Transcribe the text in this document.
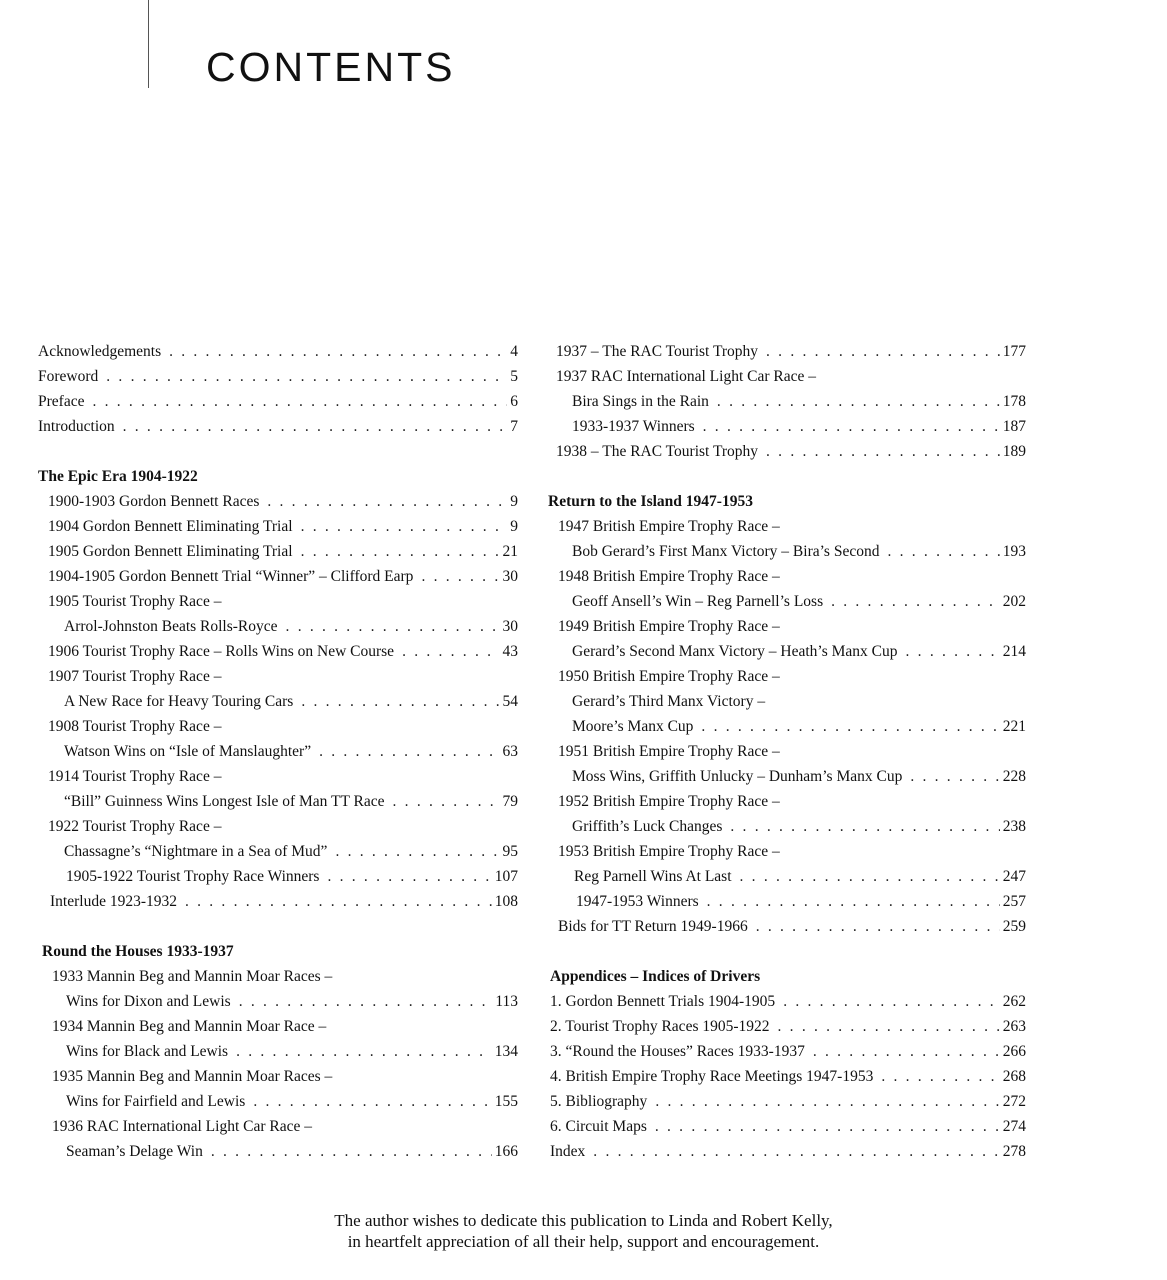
CONTENTS
Acknowledgements . . .	4
Foreword . . .	5
Preface . . .	6
Introduction . . .	7
The Epic Era 1904-1922
1900-1903 Gordon Bennett Races . . .	9
1904 Gordon Bennett Eliminating Trial . . .	9
1905 Gordon Bennett Eliminating Trial . . .	21
1904-1905 Gordon Bennett Trial “Winner” – Clifford Earp . . .	30
1905 Tourist Trophy Race –
Arrol-Johnston Beats Rolls-Royce . . .	30
1906 Tourist Trophy Race – Rolls Wins on New Course . . .	43
1907 Tourist Trophy Race –
A New Race for Heavy Touring Cars . . .	54
1908 Tourist Trophy Race –
Watson Wins on “Isle of Manslaughter” . . .	63
1914 Tourist Trophy Race –
“Bill” Guinness Wins Longest Isle of Man TT Race . . .	79
1922 Tourist Trophy Race –
Chassagne’s “Nightmare in a Sea of Mud” . . .	95
1905-1922 Tourist Trophy Race Winners . . .	107
Interlude 1923-1932 . . .	108
Round the Houses 1933-1937
1933 Mannin Beg and Mannin Moar Races –
Wins for Dixon and Lewis . . .	113
1934 Mannin Beg and Mannin Moar Race –
Wins for Black and Lewis . . .	134
1935 Mannin Beg and Mannin Moar Races –
Wins for Fairfield and Lewis . . .	155
1936 RAC International Light Car Race –
Seaman’s Delage Win . . .	166
1937 – The RAC Tourist Trophy . . .	177
1937 RAC International Light Car Race –
Bira Sings in the Rain . . .	178
1933-1937 Winners . . .	187
1938 – The RAC Tourist Trophy . . .	189
Return to the Island 1947-1953
1947 British Empire Trophy Race –
Bob Gerard’s First Manx Victory – Bira’s Second . . .	193
1948 British Empire Trophy Race –
Geoff Ansell’s Win – Reg Parnell’s Loss . . .	202
1949 British Empire Trophy Race –
Gerard’s Second Manx Victory – Heath’s Manx Cup . . .	214
1950 British Empire Trophy Race –
Gerard’s Third Manx Victory –
Moore’s Manx Cup . . .	221
1951 British Empire Trophy Race –
Moss Wins, Griffith Unlucky – Dunham’s Manx Cup . . .	228
1952 British Empire Trophy Race –
Griffith’s Luck Changes . . .	238
1953 British Empire Trophy Race –
Reg Parnell Wins At Last . . .	247
1947-1953 Winners . . .	257
Bids for TT Return 1949-1966 . . .	259
Appendices – Indices of Drivers
1. Gordon Bennett Trials 1904-1905 . . .	262
2. Tourist Trophy Races 1905-1922 . . .	263
3. “Round the Houses” Races 1933-1937 . . .	266
4. British Empire Trophy Race Meetings 1947-1953 . . .	268
5. Bibliography . . .	272
6. Circuit Maps . . .	274
Index . . .	278
The author wishes to dedicate this publication to Linda and Robert Kelly,
in heartfelt appreciation of all their help, support and encouragement.
